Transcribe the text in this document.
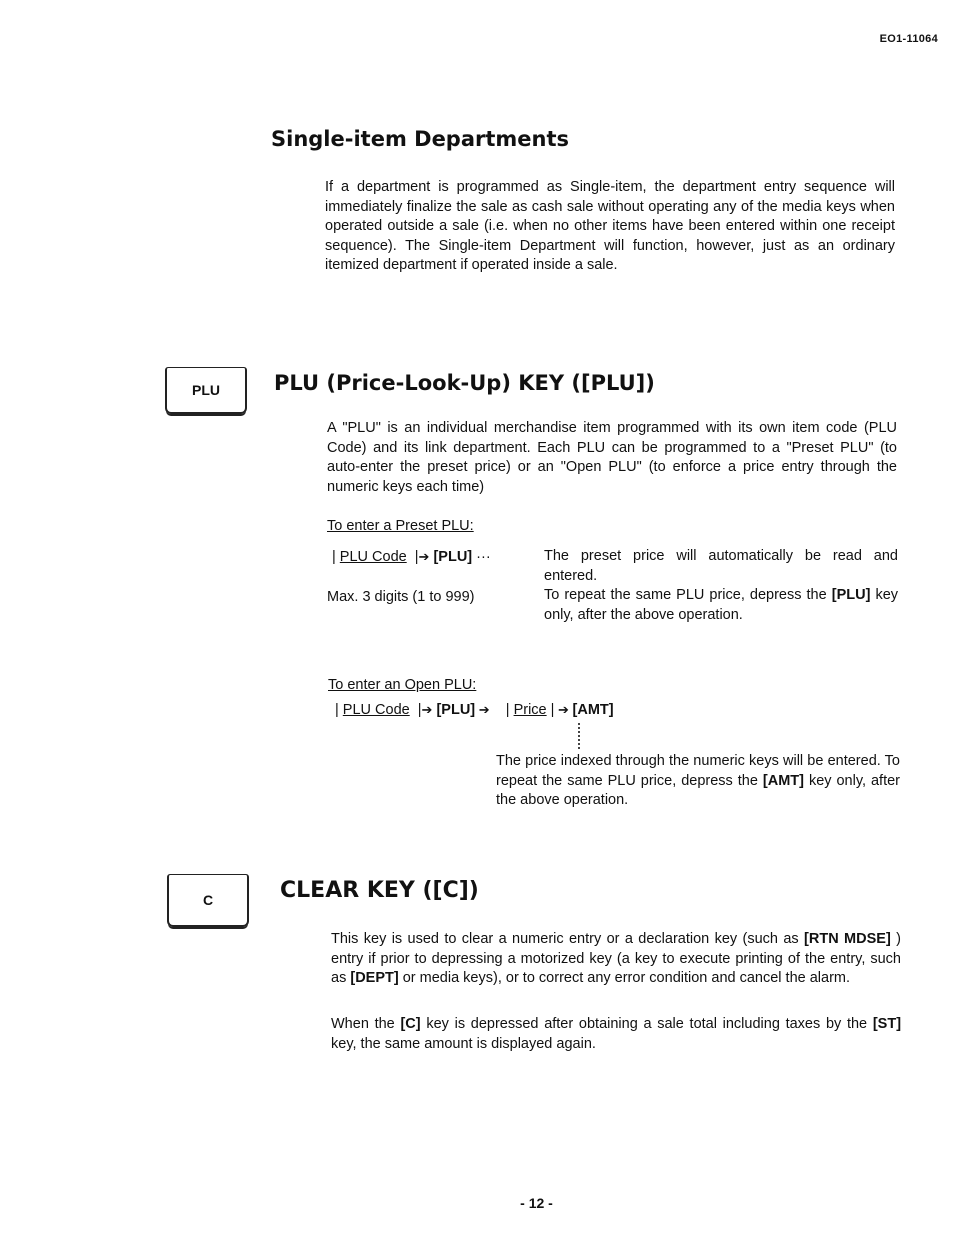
EO1-11064
Single-item Departments

If a department is programmed as Single-item, the department entry sequence will immediately finalize the sale as cash sale without operating any of the media keys when operated outside a sale (i.e. when no other items have been entered within one receipt sequence). The Single-item Department will function, however, just as an ordinary itemized department if operated inside a sale.

PLU	PLU (Price-Look-Up) KEY ([PLU])

A "PLU" is an individual merchandise item programmed with its own item code (PLU Code) and its link department. Each PLU can be programmed to a "Preset PLU" (to auto-enter the preset price) or an "Open PLU" (to enforce a price entry through the numeric keys each time)

To enter a Preset PLU:
| PLU Code  |➔ [PLU] ···
Max. 3 digits (1 to 999)

The preset price will automatically be read and entered.

To repeat the same PLU price, depress the [PLU] key only, after the above operation.

To enter an Open PLU:
| PLU Code  |➔ [PLU] ➔    | Price | ➔ [AMT]

The price indexed through the numeric keys will be entered. To repeat the same PLU price, depress the [AMT] key only, after the above operation.

C	CLEAR KEY ([C])

This key is used to clear a numeric entry or a declaration key (such as [RTN MDSE] ) entry if prior to depressing a motorized key (a key to execute printing of the entry, such as [DEPT] or media keys), or to correct any error condition and cancel the alarm.

When the [C] key is depressed after obtaining a sale total including taxes by the [ST] key, the same amount is displayed again.

- 12 -
